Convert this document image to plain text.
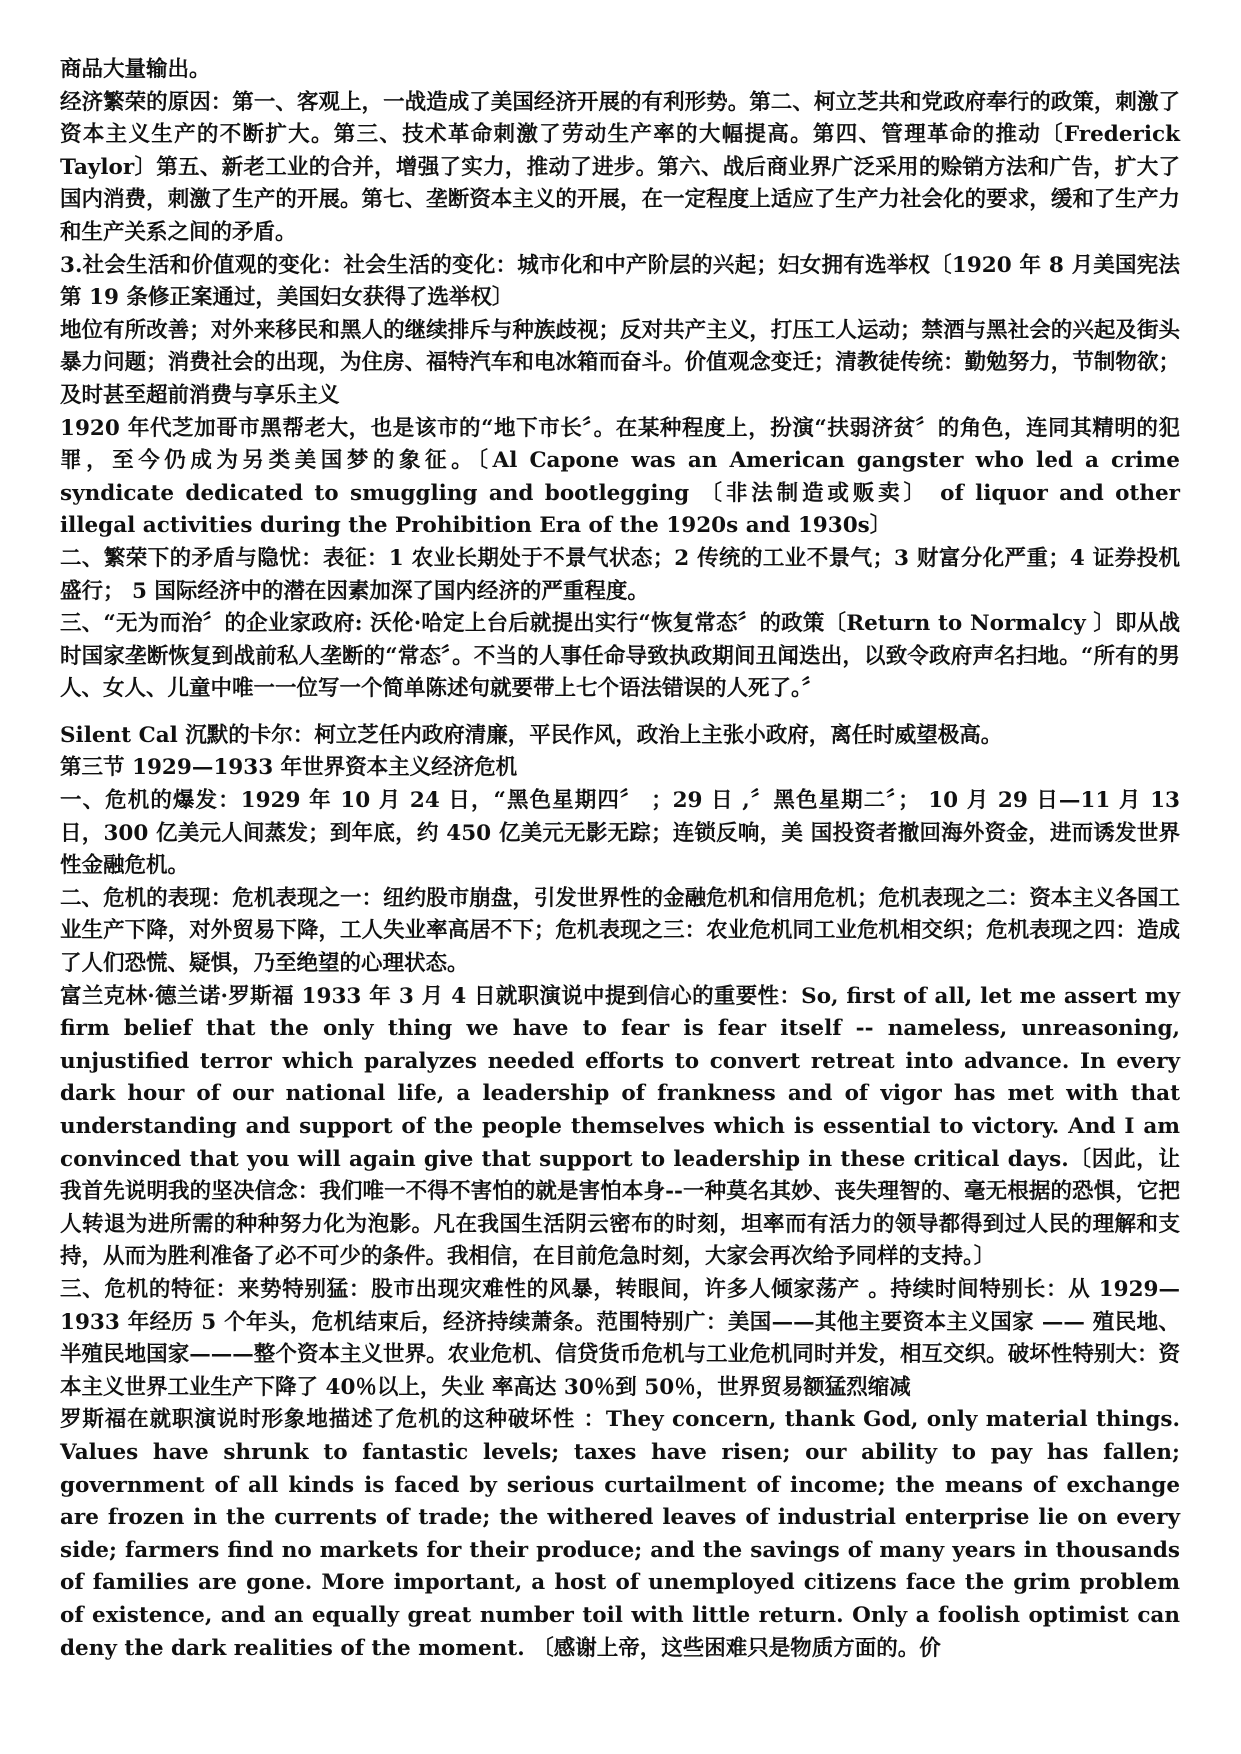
商品大量输出。

经济繁荣的原因：第一、客观上，一战造成了美国经济开展的有利形势。第二、柯立芝共和党政府奉行的政策，刺激了资本主义生产的不断扩大。第三、技术革命刺激了劳动生产率的大幅提高。第四、管理革命的推动〔Frederick Taylor〕第五、新老工业的合并，增强了实力，推动了进步。第六、战后商业界广泛采用的赊销方法和广告，扩大了国内消费，刺激了生产的开展。第七、垄断资本主义的开展，在一定程度上适应了生产力社会化的要求，缓和了生产力和生产关系之间的矛盾。

3.社会生活和价值观的变化：社会生活的变化：城市化和中产阶层的兴起；妇女拥有选举权〔1920 年 8 月美国宪法第 19 条修正案通过，美国妇女获得了选举权〕

地位有所改善；对外来移民和黑人的继续排斥与种族歧视；反对共产主义，打压工人运动；禁酒与黑社会的兴起及街头暴力问题；消费社会的出现，为住房、福特汽车和电冰箱而奋斗。价值观念变迁；清教徒传统：勤勉努力，节制物欲；及时甚至超前消费与享乐主义

1920 年代芝加哥市黑帮老大，也是该市的“地下市长〞。在某种程度上，扮演“扶弱济贫〞的角色，连同其精明的犯罪，至今仍成为另类美国梦的象征。〔Al Capone was an American gangster who led a crime syndicate dedicated to smuggling and bootlegging 〔非法制造或贩卖〕 of liquor and other illegal activities during the Prohibition Era of the 1920s and 1930s〕

二、繁荣下的矛盾与隐忧：表征：1 农业长期处于不景气状态；2 传统的工业不景气；3 财富分化严重；4 证券投机盛行； 5 国际经济中的潜在因素加深了国内经济的严重程度。

三、“无为而治〞的企业家政府: 沃伦·哈定上台后就提出实行“恢复常态〞的政策〔Return to Normalcy 〕即从战时国家垄断恢复到战前私人垄断的“常态〞。不当的人事任命导致执政期间丑闻迭出，以致令政府声名扫地。“所有的男人、女人、儿童中唯一一位写一个简单陈述句就要带上七个语法错误的人死了。〞

Silent Cal 沉默的卡尔：柯立芝任内政府清廉，平民作风，政治上主张小政府，离任时威望极高。

第三节 1929—1933 年世界资本主义经济危机

一、危机的爆发：1929 年 10 月 24 日，“黑色星期四〞 ；29 日 ,〞黑色星期二〞； 10 月 29 日—11 月 13 日，300 亿美元人间蒸发；到年底，约 450 亿美元无影无踪；连锁反响，美 国投资者撤回海外资金，进而诱发世界性金融危机。

二、危机的表现：危机表现之一：纽约股市崩盘，引发世界性的金融危机和信用危机；危机表现之二：资本主义各国工业生产下降，对外贸易下降，工人失业率高居不下；危机表现之三：农业危机同工业危机相交织；危机表现之四：造成了人们恐慌、疑惧，乃至绝望的心理状态。

富兰克林·德兰诺·罗斯福 1933 年 3 月 4 日就职演说中提到信心的重要性：So, first of all, let me assert my firm belief that the only thing we have to fear is fear itself -- nameless, unreasoning, unjustified terror which paralyzes needed efforts to convert retreat into advance. In every dark hour of our national life, a leadership of frankness and of vigor has met with that understanding and support of the people themselves which is essential to victory. And I am convinced that you will again give that support to leadership in these critical days.〔因此，让我首先说明我的坚决信念：我们唯一不得不害怕的就是害怕本身--一种莫名其妙、丧失理智的、毫无根据的恐惧，它把人转退为进所需的种种努力化为泡影。凡在我国生活阴云密布的时刻，坦率而有活力的领导都得到过人民的理解和支持，从而为胜利准备了必不可少的条件。我相信，在目前危急时刻，大家会再次给予同样的支持。〕

三、危机的特征：来势特别猛：股市出现灾难性的风暴，转眼间，许多人倾家荡产 。持续时间特别长：从 1929—1933 年经历 5 个年头，危机结束后，经济持续萧条。范围特别广：美国——其他主要资本主义国家 —— 殖民地、半殖民地国家———整个资本主义世界。农业危机、信贷货币危机与工业危机同时并发，相互交织。破坏性特别大：资本主义世界工业生产下降了 40％以上，失业 率高达 30％到 50％，世界贸易额猛烈缩减

罗斯福在就职演说时形象地描述了危机的这种破坏性 ：They concern, thank God, only material things. Values have shrunk to fantastic levels; taxes have risen; our ability to pay has fallen; government of all kinds is faced by serious curtailment of income; the means of exchange are frozen in the currents of trade; the withered leaves of industrial enterprise lie on every side; farmers find no markets for their produce; and the savings of many years in thousands of families are gone. More important, a host of unemployed citizens face the grim problem of existence, and an equally great number toil with little return. Only a foolish optimist can deny the dark realities of the moment. 〔感谢上帝，这些困难只是物质方面的。价
